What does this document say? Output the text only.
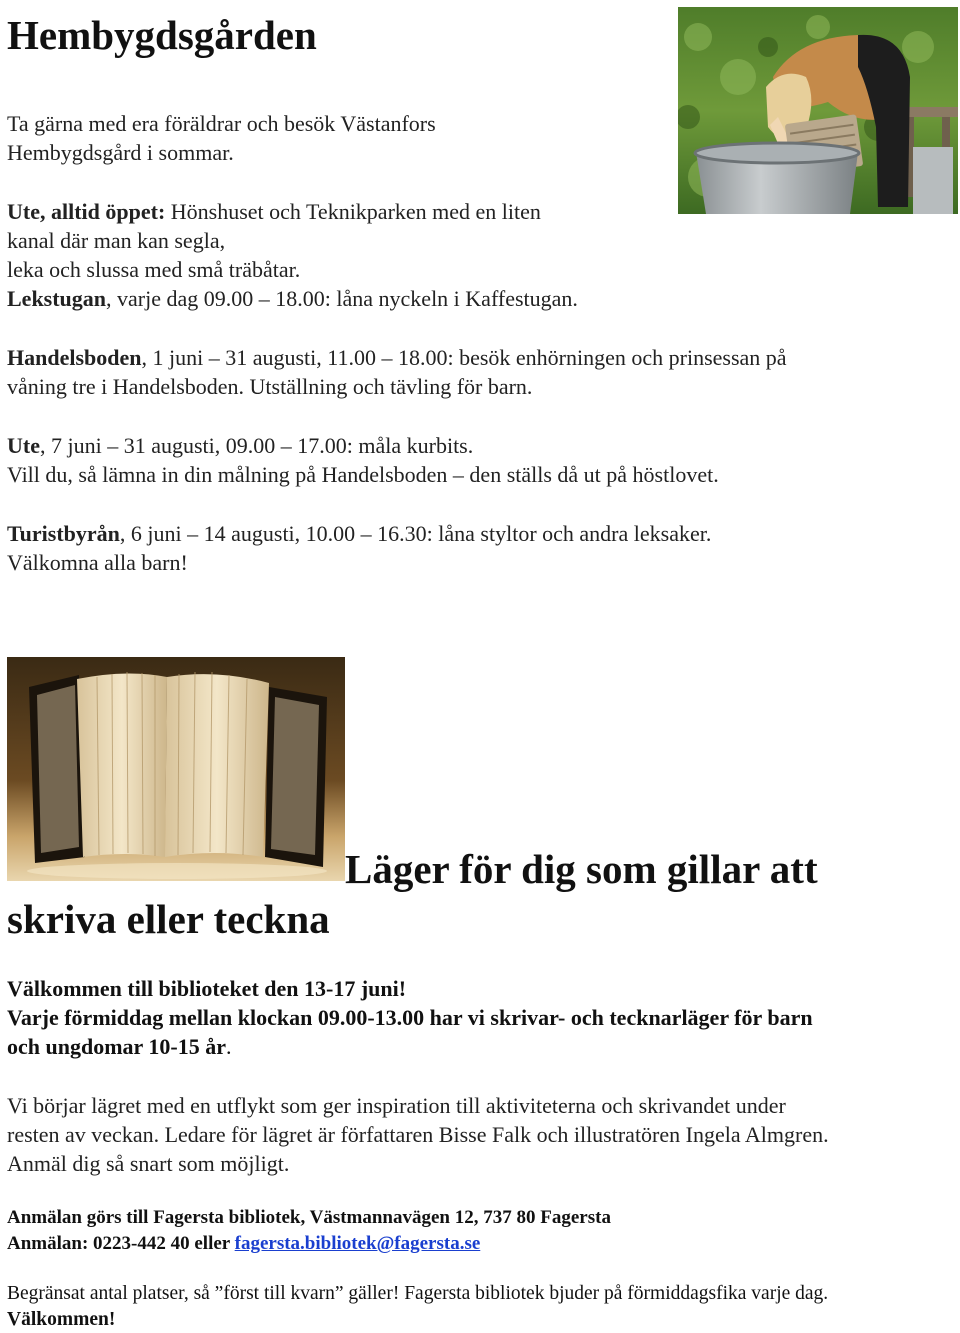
Hembygdsgården
Ta gärna med era föräldrar och besök Västanfors
Hembygdsgård i sommar.
Ute, alltid öppet: Hönshuset och Teknikparken med en liten
kanal där man kan segla,
leka och slussa med små träbåtar.
Lekstugan, varje dag 09.00 – 18.00: låna nyckeln i Kaffestugan.
Handelsboden, 1 juni – 31 augusti, 11.00 – 18.00: besök enhörningen och prinsessan på
våning tre i Handelsboden. Utställning och tävling för barn.
Ute, 7 juni – 31 augusti, 09.00 – 17.00: måla kurbits.
Vill du, så lämna in din målning på Handelsboden – den ställs då ut på höstlovet.
Turistbyrån, 6 juni – 14 augusti, 10.00 – 16.30: låna styltor och andra leksaker.
Välkomna alla barn!
Läger för dig som gillar att
skriva eller teckna
Välkommen till biblioteket den 13-17 juni!
Varje förmiddag mellan klockan 09.00-13.00 har vi skrivar- och tecknarläger för barn
och ungdomar 10-15 år.
Vi börjar lägret med en utflykt som ger inspiration till aktiviteterna och skrivandet under
resten av veckan. Ledare för lägret är författaren Bisse Falk och illustratören Ingela Almgren.
Anmäl dig så snart som möjligt.
Anmälan görs till Fagersta bibliotek, Västmannavägen 12, 737 80 Fagersta
Anmälan: 0223-442 40 eller fagersta.bibliotek@fagersta.se
Begränsat antal platser, så ”först till kvarn” gäller! Fagersta bibliotek bjuder på förmiddagsfika varje dag.
Välkommen!
